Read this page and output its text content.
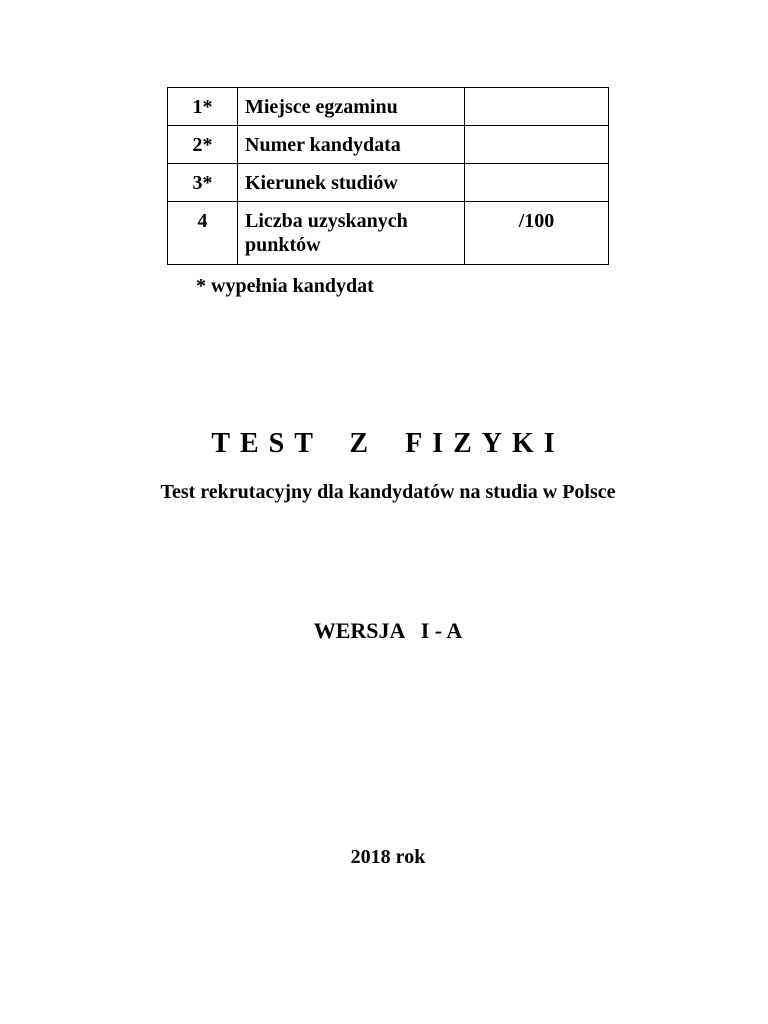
1*	Miejsce egzaminu	
2*	Numer kandydata	
3*	Kierunek studiów	
4	Liczba uzyskanych punktów	/100
* wypełnia kandydat
TEST Z FIZYKI
Test rekrutacyjny dla kandydatów na studia w Polsce
WERSJA   I - A
2018 rok
